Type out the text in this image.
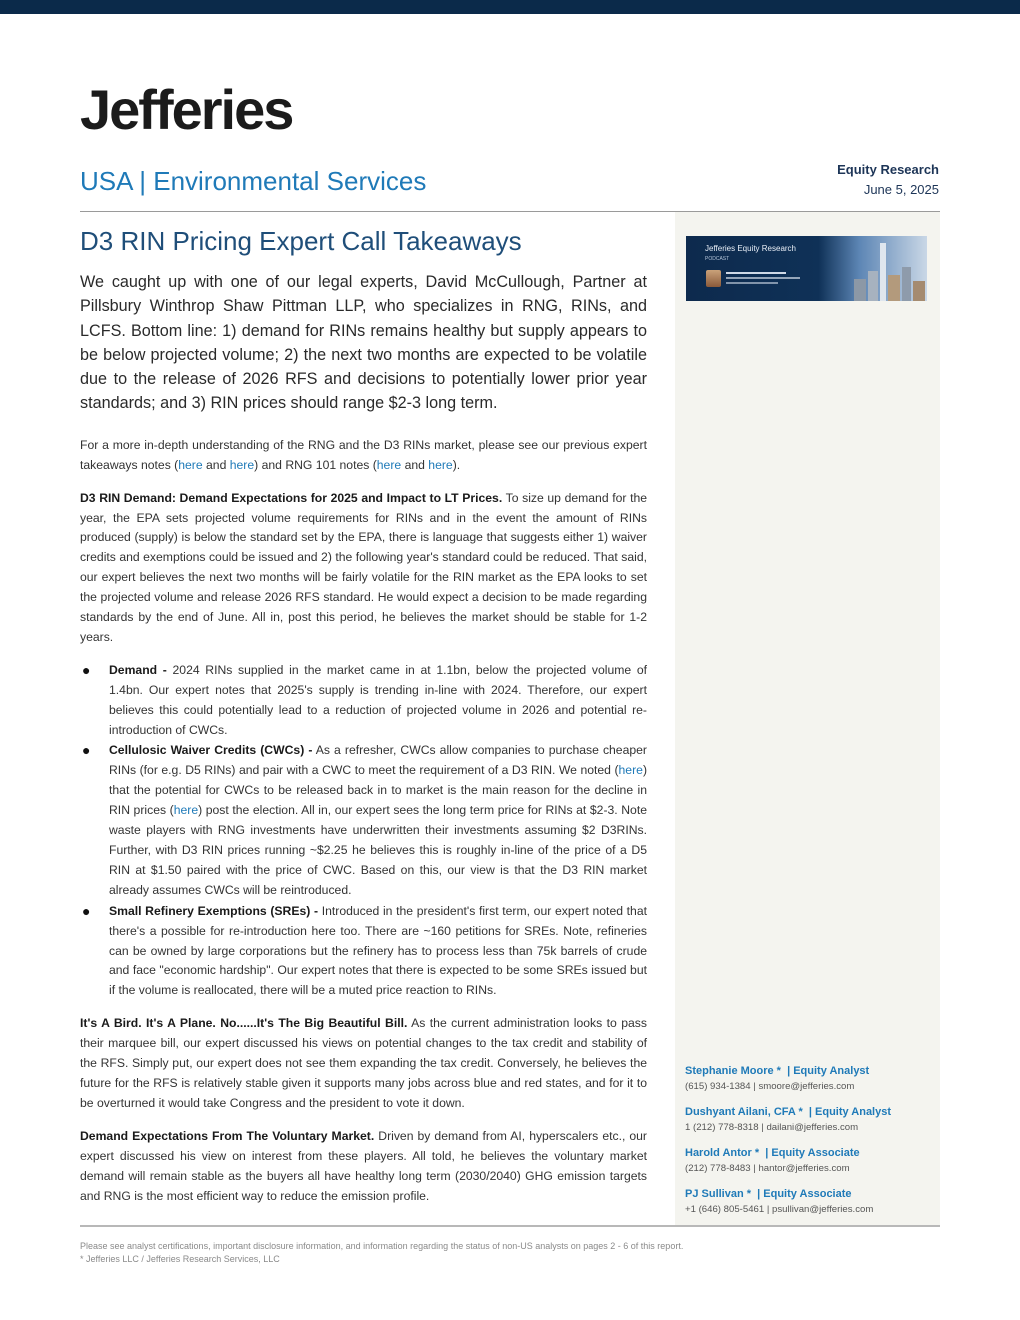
Jefferies
USA | Environmental Services	Equity Research
June 5, 2025
Jefferies Equity Research
PODCAST
D3 RIN Pricing Expert Call Takeaways

We caught up with one of our legal experts, David McCullough, Partner at Pillsbury Winthrop Shaw Pittman LLP, who specializes in RNG, RINs, and LCFS. Bottom line: 1) demand for RINs remains healthy but supply appears to be below projected volume; 2) the next two months are expected to be volatile due to the release of 2026 RFS and decisions to potentially lower prior year standards; and 3) RIN prices should range $2-3 long term.

For a more in-depth understanding of the RNG and the D3 RINs market, please see our previous expert takeaways notes (here and here) and RNG 101 notes (here and here).

D3 RIN Demand: Demand Expectations for 2025 and Impact to LT Prices. To size up demand for the year, the EPA sets projected volume requirements for RINs and in the event the amount of RINs produced (supply) is below the standard set by the EPA, there is language that suggests either 1) waiver credits and exemptions could be issued and 2) the following year's standard could be reduced. That said, our expert believes the next two months will be fairly volatile for the RIN market as the EPA looks to set the projected volume and release 2026 RFS standard. He would expect a decision to be made regarding standards by the end of June. All in, post this period, he believes the market should be stable for 1-2 years.

● Demand - 2024 RINs supplied in the market came in at 1.1bn, below the projected volume of 1.4bn. Our expert notes that 2025's supply is trending in-line with 2024. Therefore, our expert believes this could potentially lead to a reduction of projected volume in 2026 and potential re-introduction of CWCs.
● Cellulosic Waiver Credits (CWCs) - As a refresher, CWCs allow companies to purchase cheaper RINs (for e.g. D5 RINs) and pair with a CWC to meet the requirement of a D3 RIN. We noted (here) that the potential for CWCs to be released back in to market is the main reason for the decline in RIN prices (here) post the election. All in, our expert sees the long term price for RINs at $2-3. Note waste players with RNG investments have underwritten their investments assuming $2 D3RINs. Further, with D3 RIN prices running ~$2.25 he believes this is roughly in-line of the price of a D5 RIN at $1.50 paired with the price of CWC. Based on this, our view is that the D3 RIN market already assumes CWCs will be reintroduced.
● Small Refinery Exemptions (SREs) - Introduced in the president's first term, our expert noted that there's a possible for re-introduction here too. There are ~160 petitions for SREs. Note, refineries can be owned by large corporations but the refinery has to process less than 75k barrels of crude and face "economic hardship". Our expert notes that there is expected to be some SREs issued but if the volume is reallocated, there will be a muted price reaction to RINs.

It's A Bird. It's A Plane. No......It's The Big Beautiful Bill. As the current administration looks to pass their marquee bill, our expert discussed his views on potential changes to the tax credit and stability of the RFS. Simply put, our expert does not see them expanding the tax credit. Conversely, he believes the future for the RFS is relatively stable given it supports many jobs across blue and red states, and for it to be overturned it would take Congress and the president to vote it down.

Demand Expectations From The Voluntary Market. Driven by demand from AI, hyperscalers etc., our expert discussed his view on interest from these players. All told, he believes the voluntary market demand will remain stable as the buyers all have healthy long term (2030/2040) GHG emission targets and RNG is the most efficient way to reduce the emission profile.

Stephanie Moore *  | Equity Analyst
(615) 934-1384 | smoore@jefferies.com
Dushyant Ailani, CFA *  | Equity Analyst
1 (212) 778-8318 | dailani@jefferies.com
Harold Antor *  | Equity Associate
(212) 778-8483 | hantor@jefferies.com
PJ Sullivan *  | Equity Associate
+1 (646) 805-5461 | psullivan@jefferies.com
Please see analyst certifications, important disclosure information, and information regarding the status of non-US analysts on pages 2 - 6 of this report.
* Jefferies LLC / Jefferies Research Services, LLC
